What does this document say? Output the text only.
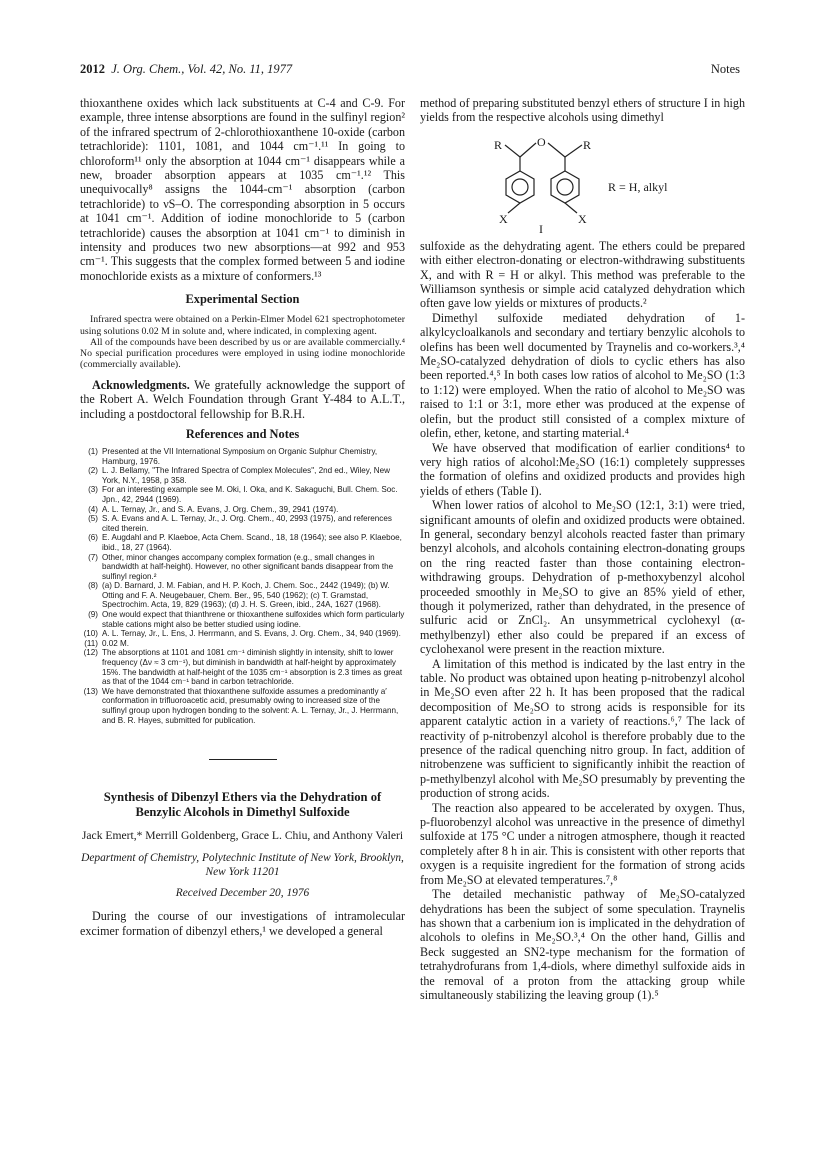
2012 J. Org. Chem., Vol. 42, No. 11, 1977	Notes

thioxanthene oxides which lack substituents at C-4 and C-9. For example, three intense absorptions are found in the sulfinyl region² of the infrared spectrum of 2-chlorothioxanthene 10-oxide (carbon tetrachloride): 1101, 1081, and 1044 cm⁻¹.¹¹ In going to chloroform¹¹ only the absorption at 1044 cm⁻¹ disappears while a new, broader absorption appears at 1035 cm⁻¹.¹² This unequivocally⁸ assigns the 1044-cm⁻¹ absorption (carbon tetrachloride) to νS–O. The corresponding absorption in 5 occurs at 1041 cm⁻¹. Addition of iodine monochloride to 5 (carbon tetrachloride) causes the absorption at 1041 cm⁻¹ to diminish in intensity and produces two new absorptions—at 992 and 953 cm⁻¹. This suggests that the complex formed between 5 and iodine monochloride exists as a mixture of conformers.¹³

Experimental Section

Infrared spectra were obtained on a Perkin-Elmer Model 621 spectrophotometer using solutions 0.02 M in solute and, where indicated, in complexing agent.

All of the compounds have been described by us or are available commercially.⁴ No special purification procedures were employed in using iodine monochloride (commercially available).

Acknowledgments. We gratefully acknowledge the support of the Robert A. Welch Foundation through Grant Y-484 to A.L.T., including a postdoctoral fellowship for B.R.H.

References and Notes
(1) Presented at the VII International Symposium on Organic Sulphur Chemistry, Hamburg, 1976.
(2) L. J. Bellamy, "The Infrared Spectra of Complex Molecules", 2nd ed., Wiley, New York, N.Y., 1958, p 358.
(3) For an interesting example see M. Oki, I. Oka, and K. Sakaguchi, Bull. Chem. Soc. Jpn., 42, 2944 (1969).
(4) A. L. Ternay, Jr., and S. A. Evans, J. Org. Chem., 39, 2941 (1974).
(5) S. A. Evans and A. L. Ternay, Jr., J. Org. Chem., 40, 2993 (1975), and references cited therein.
(6) E. Augdahl and P. Klaeboe, Acta Chem. Scand., 18, 18 (1964); see also P. Klaeboe, ibid., 18, 27 (1964).
(7) Other, minor changes accompany complex formation (e.g., small changes in bandwidth at half-height). However, no other significant bands disappear from the sulfinyl region.²
(8) (a) D. Barnard, J. M. Fabian, and H. P. Koch, J. Chem. Soc., 2442 (1949); (b) W. Otting and F. A. Neugebauer, Chem. Ber., 95, 540 (1962); (c) T. Gramstad, Spectrochim. Acta, 19, 829 (1963); (d) J. H. S. Green, ibid., 24A, 1627 (1968).
(9) One would expect that thianthrene or thioxanthene sulfoxides which form particularly stable cations might also be better studied using iodine.
(10) A. L. Ternay, Jr., L. Ens, J. Herrmann, and S. Evans, J. Org. Chem., 34, 940 (1969).
(11) 0.02 M.
(12) The absorptions at 1101 and 1081 cm⁻¹ diminish slightly in intensity, shift to lower frequency (Δν ≈ 3 cm⁻¹), but diminish in bandwidth at half-height by approximately 15%. The bandwidth at half-height of the 1035 cm⁻¹ absorption is 2.3 times as great as that of the 1044 cm⁻¹ band in carbon tetrachloride.
(13) We have demonstrated that thioxanthene sulfoxide assumes a predominantly a′ conformation in trifluoroacetic acid, presumably owing to increased size of the sulfinyl group upon hydrogen bonding to the solvent: A. L. Ternay, Jr., J. Herrmann, and B. R. Hayes, submitted for publication.
Synthesis of Dibenzyl Ethers via the Dehydration of Benzylic Alcohols in Dimethyl Sulfoxide
Jack Emert,* Merrill Goldenberg, Grace L. Chiu, and Anthony Valeri
Department of Chemistry, Polytechnic Institute of New York, Brooklyn, New York 11201
Received December 20, 1976

During the course of our investigations of intramolecular excimer formation of dibenzyl ethers,¹ we developed a general

method of preparing substituted benzyl ethers of structure I in high yields from the respective alcohols using dimethyl

R	O	R
X	X
R = H, alkyl
I

sulfoxide as the dehydrating agent. The ethers could be prepared with either electron-donating or electron-withdrawing substituents X, and with R = H or alkyl. This method was preferable to the Williamson synthesis or simple acid catalyzed dehydration which often gave low yields or mixtures of products.²

Dimethyl sulfoxide mediated dehydration of 1-alkylcycloalkanols and secondary and tertiary benzylic alcohols to olefins has been well documented by Traynelis and co-workers.³,⁴ Me₂SO-catalyzed dehydration of diols to cyclic ethers has also been reported.⁴,⁵ In both cases low ratios of alcohol to Me₂SO (1:3 to 1:12) were employed. When the ratio of alcohol to Me₂SO was raised to 1:1 or 3:1, more ether was produced at the expense of olefin, but the product still consisted of a complex mixture of olefin, ether, ketone, and starting material.⁴

We have observed that modification of earlier conditions⁴ to very high ratios of alcohol:Me₂SO (16:1) completely suppresses the formation of olefins and oxidized products and provides high yields of ethers (Table I).

When lower ratios of alcohol to Me₂SO (12:1, 3:1) were tried, significant amounts of olefin and oxidized products were obtained. In general, secondary benzyl alcohols reacted faster than primary benzyl alcohols, and alcohols containing electron-donating groups on the ring reacted faster than those containing electron-withdrawing groups. Dehydration of p-methoxybenzyl alcohol proceeded smoothly in Me₂SO to give an 85% yield of ether, though it polymerized, rather than dehydrated, in the presence of sulfuric acid or ZnCl₂. An unsymmetrical cyclohexyl (α-methylbenzyl) ether also could be prepared if an excess of cyclohexanol were present in the reaction mixture.

A limitation of this method is indicated by the last entry in the table. No product was obtained upon heating p-nitrobenzyl alcohol in Me₂SO even after 22 h. It has been proposed that the radical decomposition of Me₂SO to strong acids is responsible for its apparent catalytic action in a variety of reactions.⁶,⁷ The lack of reactivity of p-nitrobenzyl alcohol is therefore probably due to the presence of the radical quenching nitro group. In fact, addition of nitrobenzene was sufficient to significantly inhibit the reaction of p-methylbenzyl alcohol with Me₂SO presumably by preventing the production of strong acids.

The reaction also appeared to be accelerated by oxygen. Thus, p-fluorobenzyl alcohol was unreactive in the presence of dimethyl sulfoxide at 175 °C under a nitrogen atmosphere, though it reacted completely after 8 h in air. This is consistent with other reports that oxygen is a requisite ingredient for the formation of strong acids from Me₂SO at elevated temperatures.⁷,⁸

The detailed mechanistic pathway of Me₂SO-catalyzed dehydrations has been the subject of some speculation. Traynelis has shown that a carbenium ion is implicated in the dehydration of alcohols to olefins in Me₂SO.³,⁴ On the other hand, Gillis and Beck suggested an SN2-type mechanism for the formation of tetrahydrofurans from 1,4-diols, where dimethyl sulfoxide aids in the removal of a proton from the attacking group while simultaneously stabilizing the leaving group (1).⁵
